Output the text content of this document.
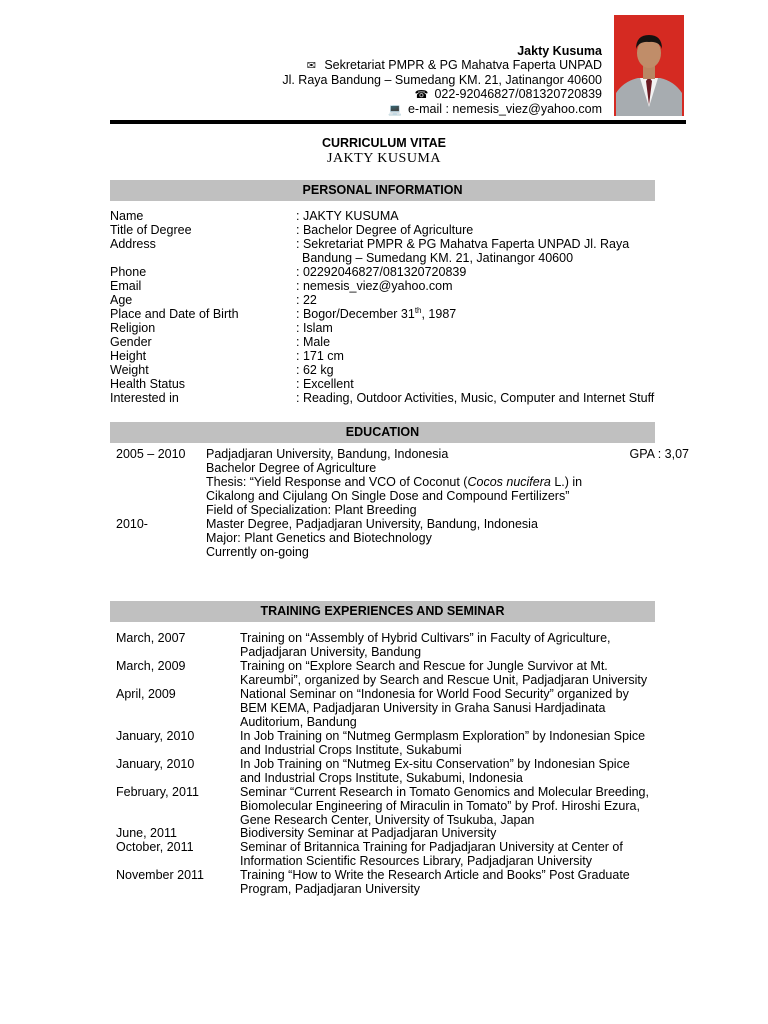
Jakty Kusuma
✉ Sekretariat PMPR & PG Mahatva Faperta UNPAD
Jl. Raya Bandung – Sumedang KM. 21, Jatinangor 40600
☎ 022-92046827/081320720839
💻 e-mail : nemesis_viez@yahoo.com
CURRICULUM VITAE
JAKTY KUSUMA
PERSONAL INFORMATION
Name	: JAKTY KUSUMA
Title of Degree	: Bachelor Degree of Agriculture
Address	: Sekretariat PMPR & PG Mahatva Faperta UNPAD Jl. Raya
Bandung – Sumedang KM. 21, Jatinangor 40600
Phone	: 02292046827/081320720839
Email	: nemesis_viez@yahoo.com
Age	: 22
Place and Date of Birth	: Bogor/December 31th, 1987
Religion	: Islam
Gender	: Male
Height	: 171 cm
Weight	: 62 kg
Health Status	: Excellent
Interested in	: Reading, Outdoor Activities, Music, Computer and Internet Stuff
EDUCATION
2005 – 2010 Padjadjaran University, Bandung, Indonesia	GPA : 3,07
Bachelor Degree of Agriculture
Thesis: “Yield Response and VCO of Coconut (Cocos nucifera L.) in
Cikalong and Cijulang On Single Dose and Compound Fertilizers”
Field of Specialization: Plant Breeding
2010-	Master Degree, Padjadjaran University, Bandung, Indonesia
Major: Plant Genetics and Biotechnology
Currently on-going
TRAINING EXPERIENCES AND SEMINAR
March, 2007	Training on “Assembly of Hybrid Cultivars” in Faculty of Agriculture,
Padjadjaran University, Bandung
March, 2009	Training on “Explore Search and Rescue for Jungle Survivor at Mt.
Kareumbi”, organized by Search and Rescue Unit, Padjadjaran University
April, 2009	National Seminar on “Indonesia for World Food Security” organized by
BEM KEMA, Padjadjaran University in Graha Sanusi Hardjadinata
Auditorium, Bandung
January, 2010	In Job Training on “Nutmeg Germplasm Exploration” by Indonesian Spice
and Industrial Crops Institute, Sukabumi
January, 2010	In Job Training on “Nutmeg Ex-situ Conservation” by Indonesian Spice
and Industrial Crops Institute, Sukabumi, Indonesia
February, 2011	Seminar “Current Research in Tomato Genomics and Molecular Breeding,
Biomolecular Engineering of Miraculin in Tomato” by Prof. Hiroshi Ezura,
Gene Research Center, University of Tsukuba, Japan
June, 2011	Biodiversity Seminar at Padjadjaran University
October, 2011	Seminar of Britannica Training for Padjadjaran University at Center of
Information Scientific Resources Library, Padjadjaran University
November 2011	Training “How to Write the Research Article and Books” Post Graduate
Program, Padjadjaran University
